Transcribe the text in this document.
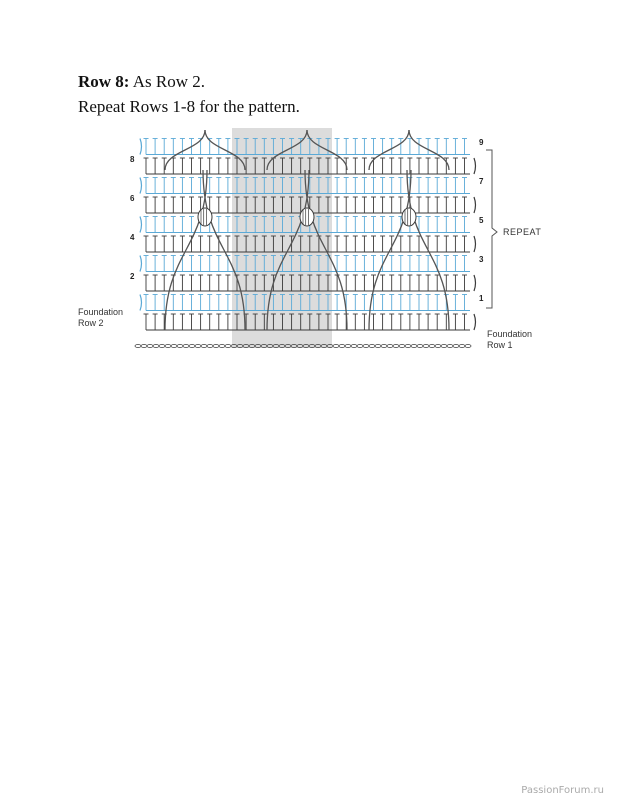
Row 8: As Row 2.
Repeat Rows 1-8 for the pattern.
8
6
4
2
9
7
5
3
1
REPEAT
Foundation
Row 2
Foundation
Row 1
PassionForum.ru
